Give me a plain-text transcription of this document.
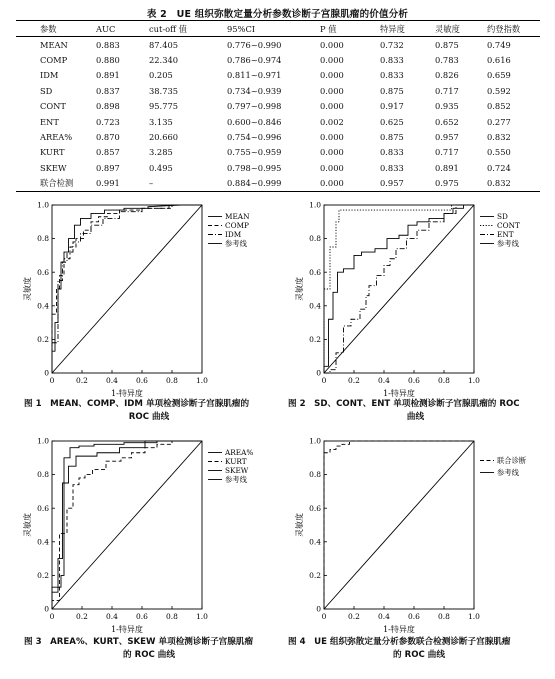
表 2　UE 组织弥散定量分析参数诊断子宫腺肌瘤的价值分析
参数	AUC	cut-off 值	95%CI	P 值	特异度	灵敏度	约登指数
MEAN	0.883	87.405	0.776~0.990	0.000	0.732	0.875	0.749
COMP	0.880	22.340	0.786~0.974	0.000	0.833	0.783	0.616
IDM	0.891	0.205	0.811~0.971	0.000	0.833	0.826	0.659
SD	0.837	38.735	0.734~0.939	0.000	0.875	0.717	0.592
CONT	0.898	95.775	0.797~0.998	0.000	0.917	0.935	0.852
ENT	0.723	3.135	0.600~0.846	0.002	0.625	0.652	0.277
AREA%	0.870	20.660	0.754~0.996	0.000	0.875	0.957	0.832
KURT	0.857	3.285	0.755~0.959	0.000	0.833	0.717	0.550
SKEW	0.897	0.495	0.798~0.995	0.000	0.833	0.891	0.724
联合检测	0.991	–	0.884~0.999	0.000	0.957	0.975	0.832
0	0.2 0.4 0.6 0.8 1.0
0
0.2
0.4
0.6
0.8
1.0
1-特异度
灵敏度
MEAN
COMP
IDM
参考线
0	0.2 0.4 0.6 0.8 1.0
0
0.2
0.4
0.6
0.8
1.0
1-特异度
灵敏度
SD
CONT
ENT
参考线
0	0.2 0.4 0.6 0.8 1.0
0
0.2
0.4
0.6
0.8
1.0
1-特异度
灵敏度
AREA%
KURT
SKEW
参考线
0	0.2 0.4 0.6 0.8 1.0
0
0.2
0.4
0.6
0.8
1.0
1-特异度
灵敏度
联合诊断
参考线
图 1　MEAN、COMP、IDM 单项检测诊断子宫腺肌瘤的
ROC 曲线
图 2　SD、CONT、ENT 单项检测诊断子宫腺肌瘤的 ROC
曲线
图 3　AREA%、KURT、SKEW 单项检测诊断子宫腺肌瘤
的 ROC 曲线
图 4　UE 组织弥散定量分析参数联合检测诊断子宫腺肌瘤
的 ROC 曲线
